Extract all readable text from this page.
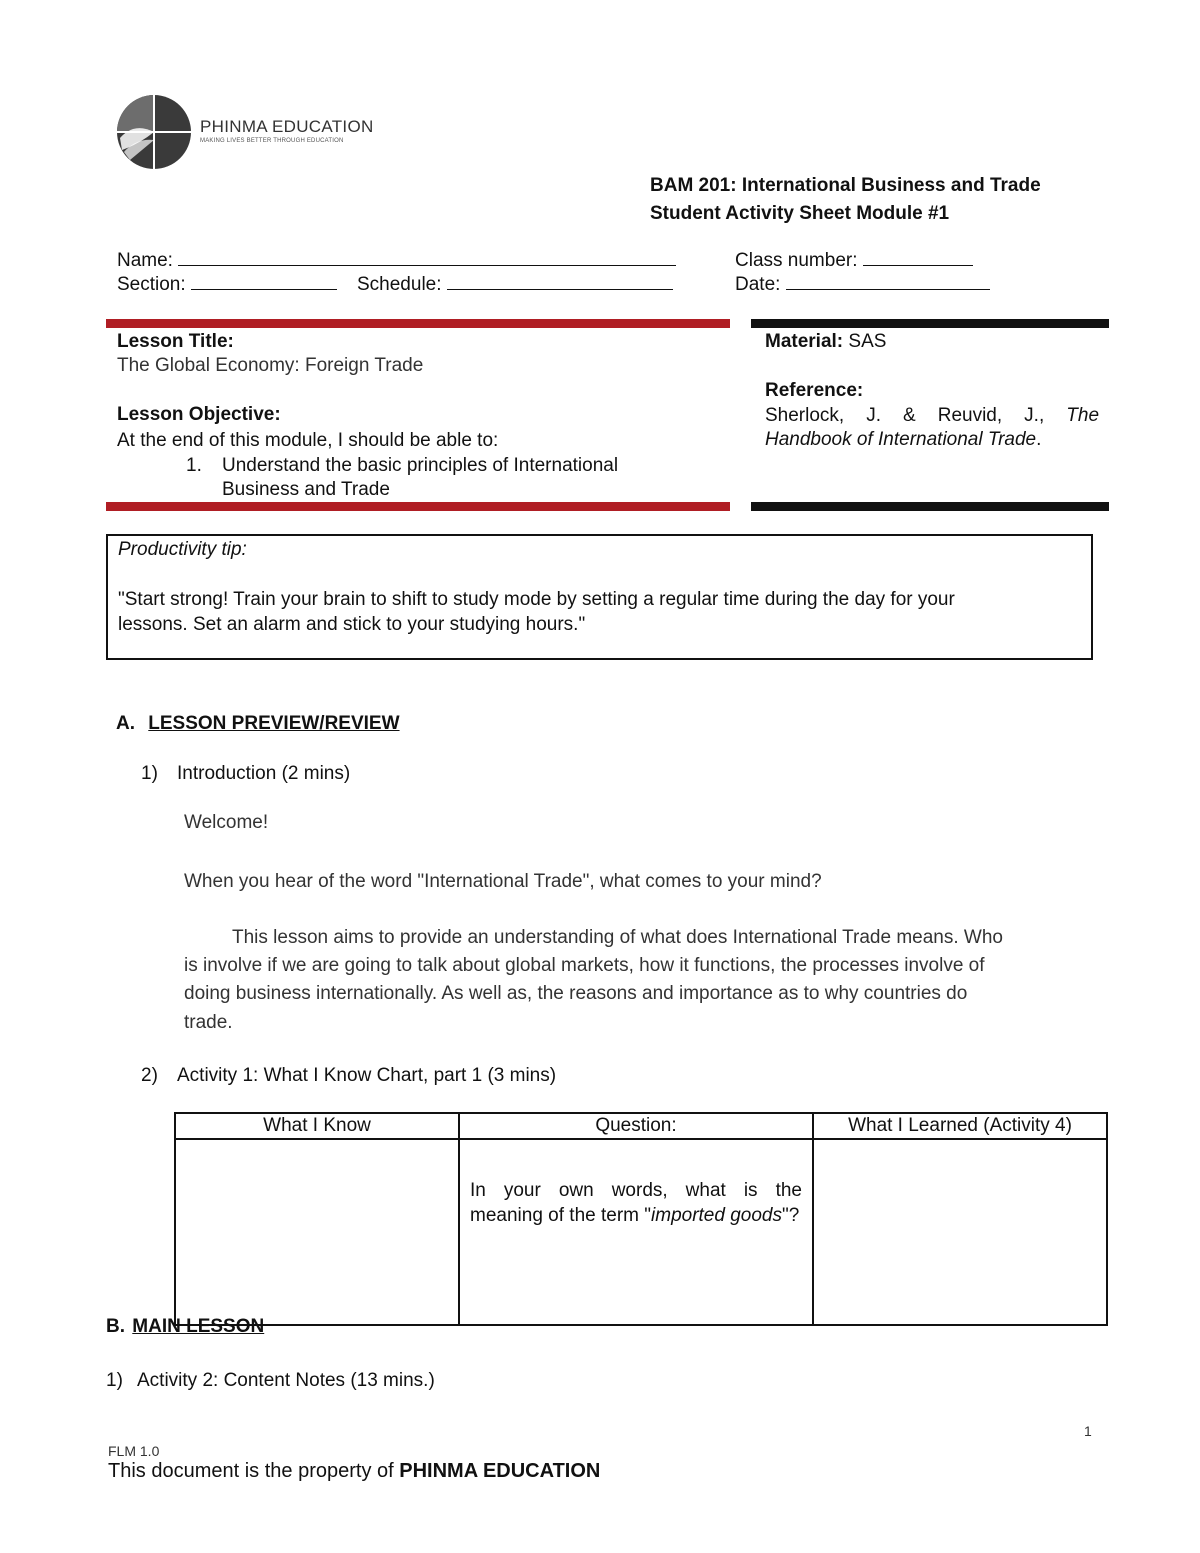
PHINMA EDUCATION
MAKING LIVES BETTER THROUGH EDUCATION
BAM 201: International Business and Trade
Student Activity Sheet Module #1
Name:
Section:	Schedule:
Class number:
Date:
Lesson Title:
The Global Economy: Foreign Trade
Lesson Objective:
At the end of this module, I should be able to:
1. Understand the basic principles of International
Business and Trade
Material: SAS
Reference:
Sherlock, J. & Reuvid, J., The
Handbook of International Trade.
Productivity tip:
"Start strong! Train your brain to shift to study mode by setting a regular time during the day for your
lessons. Set an alarm and stick to your studying hours."
A. LESSON PREVIEW/REVIEW
1) Introduction (2 mins)
Welcome!
When you hear of the word "International Trade", what comes to your mind?
This lesson aims to provide an understanding of what does International Trade means. Who
is involve if we are going to talk about global markets, how it functions, the processes involve of
doing business internationally. As well as, the reasons and importance as to why countries do
trade.
2) Activity 1: What I Know Chart, part 1 (3 mins)
What I Know	Question:	What I Learned (Activity 4)
	In your own words, what is the meaning of the term "imported goods"?	
B. MAIN LESSON
1) Activity 2: Content Notes (13 mins.)
1
FLM 1.0
This document is the property of PHINMA EDUCATION
